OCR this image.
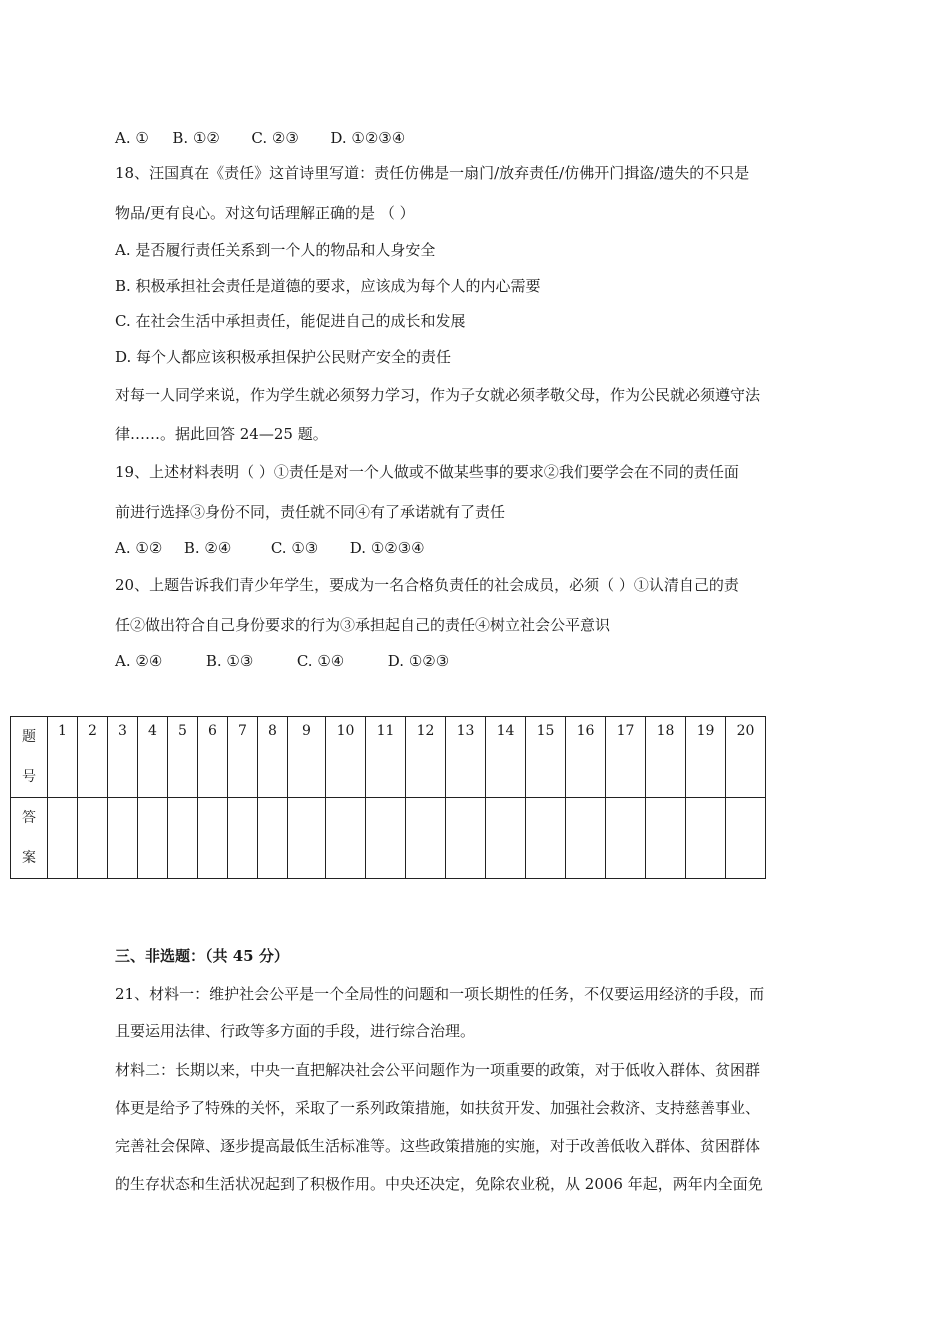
A. ① B. ①② C. ②③ D. ①②③④
18、汪国真在《责任》这首诗里写道：责任仿佛是一扇门/放弃责任/仿佛开门揖盗/遗失的不只是
物品/更有良心。对这句话理解正确的是 （ ）
A. 是否履行责任关系到一个人的物品和人身安全
B. 积极承担社会责任是道德的要求，应该成为每个人的内心需要
C. 在社会生活中承担责任，能促进自己的成长和发展
D. 每个人都应该积极承担保护公民财产安全的责任
对每一人同学来说，作为学生就必须努力学习，作为子女就必须孝敬父母，作为公民就必须遵守法
律……。据此回答 24—25 题。
19、上述材料表明（ ）①责任是对一个人做或不做某些事的要求②我们要学会在不同的责任面
前进行选择③身份不同，责任就不同④有了承诺就有了责任
A. ①② B. ②④	C. ①③ D. ①②③④
20、上题告诉我们青少年学生，要成为一名合格负责任的社会成员，必须（ ）①认清自己的责
任②做出符合自己身份要求的行为③承担起自己的责任④树立社会公平意识
A. ②④	B. ①③	C. ①④	D. ①②③
题号	1	2	3	4	5	6	7	8	9	10	11	12	13	14	15	16	17	18	19	20
答案																				
三、非选题：（共 45 分）
21、材料一：维护社会公平是一个全局性的问题和一项长期性的任务，不仅要运用经济的手段，而
且要运用法律、行政等多方面的手段，进行综合治理。
材料二：长期以来，中央一直把解决社会公平问题作为一项重要的政策，对于低收入群体、贫困群
体更是给予了特殊的关怀，采取了一系列政策措施，如扶贫开发、加强社会救济、支持慈善事业、
完善社会保障、逐步提高最低生活标准等。这些政策措施的实施，对于改善低收入群体、贫困群体
的生存状态和生活状况起到了积极作用。中央还决定，免除农业税，从 2006 年起，两年内全面免
